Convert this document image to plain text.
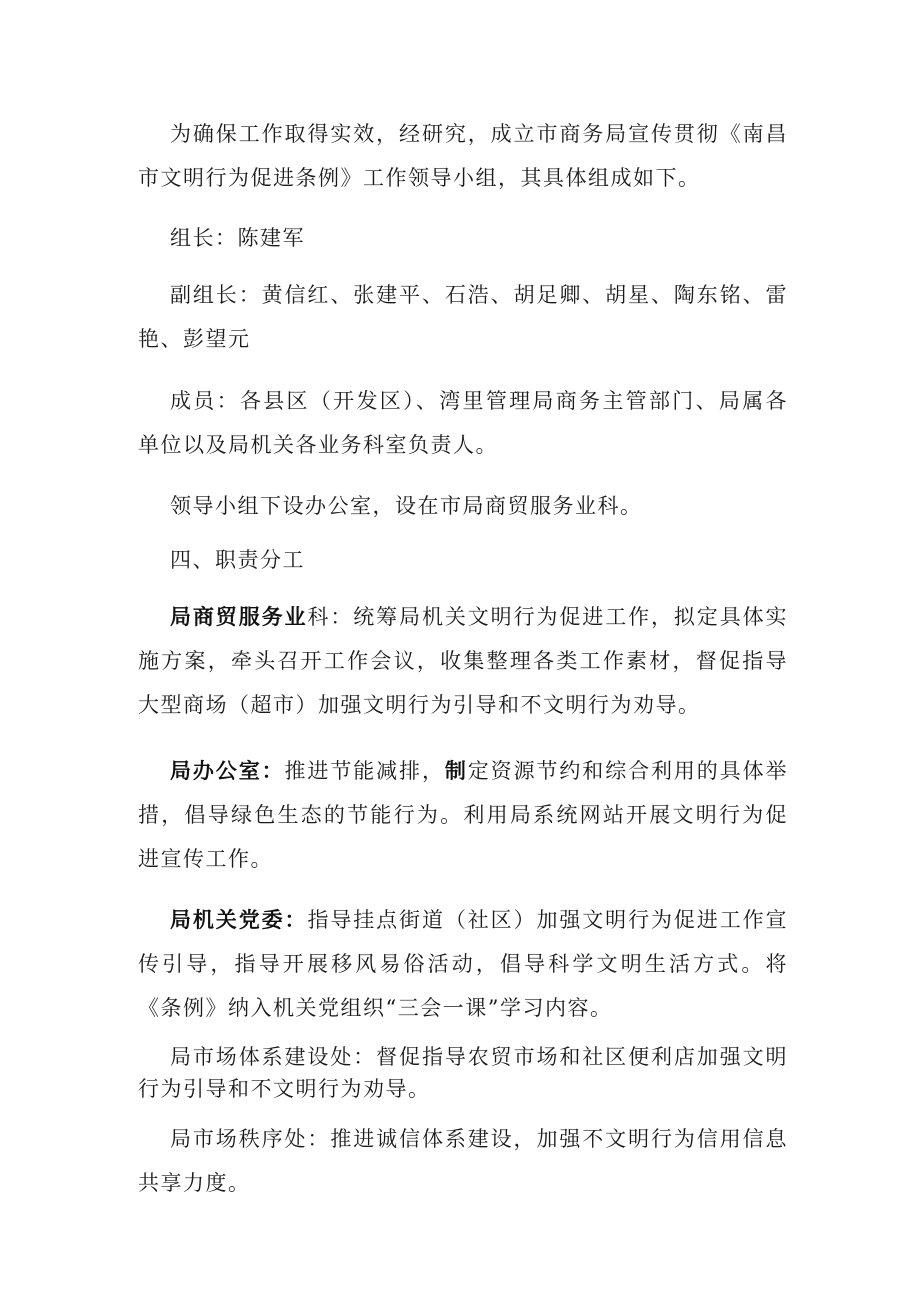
为确保工作取得实效，经研究，成立市商务局宣传贯彻《南昌市文明行为促进条例》工作领导小组，其具体组成如下。

组长：陈建军

副组长：黄信红、张建平、石浩、胡足卿、胡星、陶东铭、雷艳、彭望元

成员：各县区（开发区）、湾里管理局商务主管部门、局属各单位以及局机关各业务科室负责人。

领导小组下设办公室，设在市局商贸服务业科。

四、职责分工

局商贸服务业科：统筹局机关文明行为促进工作，拟定具体实施方案，牵头召开工作会议，收集整理各类工作素材，督促指导大型商场（超市）加强文明行为引导和不文明行为劝导。

局办公室：推进节能减排，制定资源节约和综合利用的具体举措，倡导绿色生态的节能行为。利用局系统网站开展文明行为促进宣传工作。

局机关党委：指导挂点街道（社区）加强文明行为促进工作宣传引导，指导开展移风易俗活动，倡导科学文明生活方式。将《条例》纳入机关党组织“三会一课”学习内容。

局市场体系建设处：督促指导农贸市场和社区便利店加强文明行为引导和不文明行为劝导。

局市场秩序处：推进诚信体系建设，加强不文明行为信用信息共享力度。
